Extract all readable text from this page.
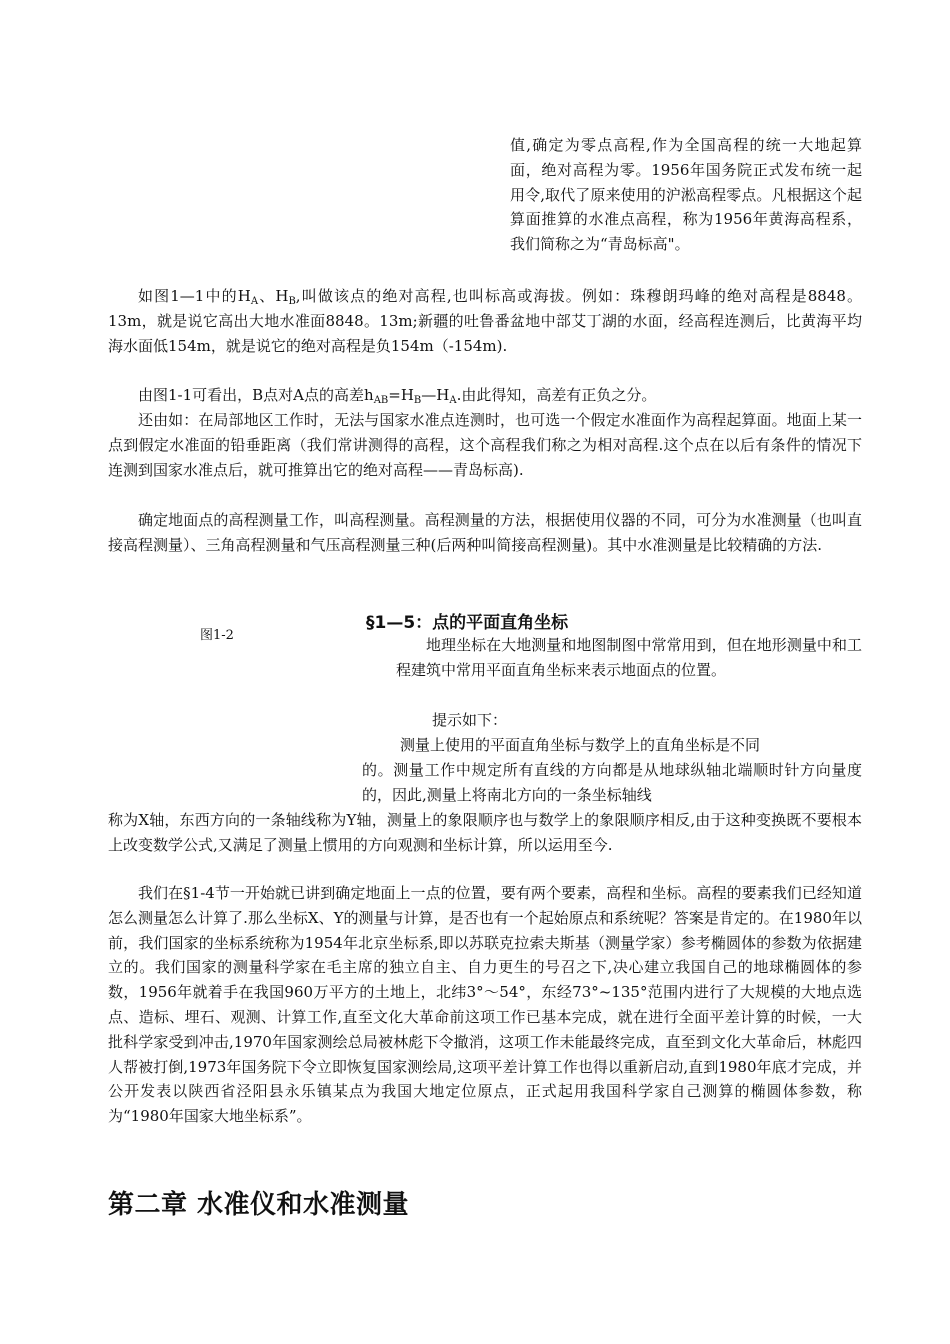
值,确定为零点高程,作为全国高程的统一大地起算面，绝对高程为零。1956年国务院正式发布统一起用令,取代了原来使用的沪淞高程零点。凡根据这个起算面推算的水准点高程，称为1956年黄海高程系，我们简称之为“青岛标高"。

如图1—1中的$H_A$、$H_B$,叫做该点的绝对高程,也叫标高或海拔。例如：珠穆朗玛峰的绝对高程是8848。13m，就是说它高出大地水准面8848。13m;新疆的吐鲁番盆地中部艾丁湖的水面，经高程连测后，比黄海平均海水面低154m，就是说它的绝对高程是负154m（-154m).
由图1-1可看出，B点对A点的高差$h_{AB}=H_B—H_A$.由此得知，高差有正负之分。

还由如：在局部地区工作时，无法与国家水准点连测时，也可选一个假定水准面作为高程起算面。地面上某一点到假定水准面的铅垂距离（我们常讲测得的高程，这个高程我们称之为相对高程.这个点在以后有条件的情况下连测到国家水准点后，就可推算出它的绝对高程——青岛标高).

确定地面点的高程测量工作，叫高程测量。高程测量的方法，根据使用仪器的不同，可分为水准测量（也叫直接高程测量）、三角高程测量和气压高程测量三种(后两种叫简接高程测量)。其中水准测量是比较精确的方法.

图1-2
§1—5：点的平面直角坐标

地理坐标在大地测量和地图制图中常常用到，但在地形测量中和工程建筑中常用平面直角坐标来表示地面点的位置。

提示如下：
测量上使用的平面直角坐标与数学上的直角坐标是不同

的。测量工作中规定所有直线的方向都是从地球纵轴北端顺时针方向量度的，因此,测量上将南北方向的一条坐标轴线

称为X轴，东西方向的一条轴线称为Y轴，测量上的象限顺序也与数学上的象限顺序相反,由于这种变换既不要根本上改变数学公式,又满足了测量上惯用的方向观测和坐标计算，所以运用至今.

我们在§1-4节一开始就已讲到确定地面上一点的位置，要有两个要素，高程和坐标。高程的要素我们已经知道怎么测量怎么计算了.那么坐标X、Y的测量与计算，是否也有一个起始原点和系统呢？答案是肯定的。在1980年以前，我们国家的坐标系统称为1954年北京坐标系,即以苏联克拉索夫斯基（测量学家）参考椭圆体的参数为依据建立的。我们国家的测量科学家在毛主席的独立自主、自力更生的号召之下,决心建立我国自己的地球椭圆体的参数，1956年就着手在我国960万平方的土地上，北纬3°～54°，东经73°~135°范围内进行了大规模的大地点选点、造标、埋石、观测、计算工作,直至文化大革命前这项工作已基本完成，就在进行全面平差计算的时候，一大批科学家受到冲击,1970年国家测绘总局被林彪下令撤消，这项工作未能最终完成，直至到文化大革命后，林彪四人帮被打倒,1973年国务院下令立即恢复国家测绘局,这项平差计算工作也得以重新启动,直到1980年底才完成，并公开发表以陕西省泾阳县永乐镇某点为我国大地定位原点，正式起用我国科学家自己测算的椭圆体参数，称为“1980年国家大地坐标系”。

第二章 水准仪和水准测量
